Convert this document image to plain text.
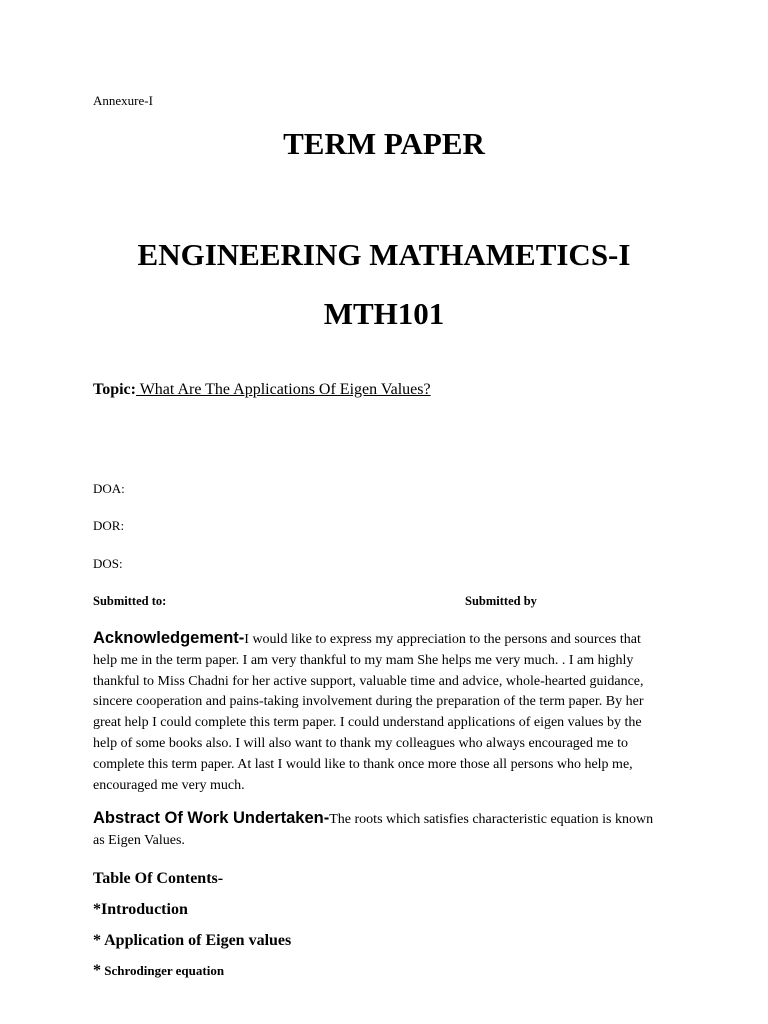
Annexure-I
TERM PAPER
ENGINEERING MATHAMETICS-I
MTH101
Topic: What Are The Applications Of Eigen Values?
DOA:
DOR:
DOS:
Submitted to:	Submitted by
Acknowledgement-I would like to express my appreciation to the persons and sources that help me in the term paper. I am very thankful to my mam She helps me very much. . I am highly thankful to Miss Chadni for her active support, valuable time and advice, whole-hearted guidance, sincere cooperation and pains-taking involvement during the preparation of the term paper. By her great help I could complete this term paper. I could understand applications of eigen values by the help of some books also. I will also want to thank my colleagues who always encouraged me to complete this term paper. At last I would like to thank once more those all persons who help me, encouraged me very much.
Abstract Of Work Undertaken-The roots which satisfies characteristic equation is known as Eigen Values.
Table Of Contents-
*Introduction
* Application of Eigen values
* Schrodinger equation
